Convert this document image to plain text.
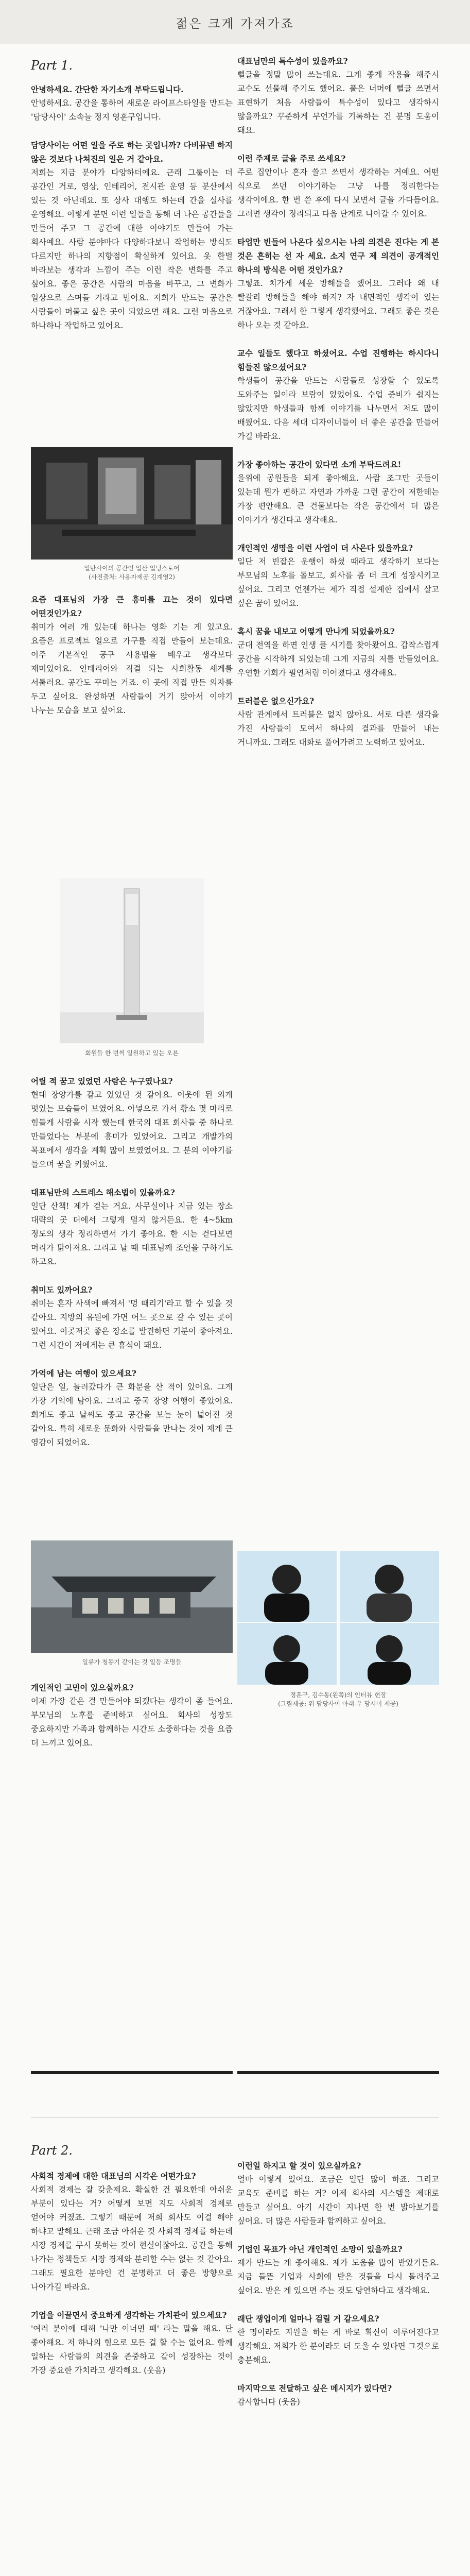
젊은 크게 가져가죠
Part 1.

안녕하세요. 간단한 자기소개 부탁드립니다.

안녕하세요. 공간을 통하여 새로운 라이프스타일을 만드는 '담당사이' 소속늘 정지 영훈구입니다.

담당사이는 어떤 일을 주로 하는 곳입니까? 다비뮤넨 하지 않은 것보다 나쳐진의 일은 거 같아요.

저희는 지금 분야가 다양하더에요. 근래 그룹이는 더 공간인 거로, 영상, 인테리어, 전시관 운영 등 분산에서 있든 것 아닌데요. 또 상사 대행도 하는데 간을 실사를 운영해요. 이렇게 분면 이런 일들을 통해 더 나은 공간들을 만들어 주고 그 공간에 대한 이야기도 만들어 가는 회사예요. 사람 분야마다 다양하다보니 작업하는 방식도 다르지만 하나의 지향점이 확실하게 있어요. 옷 한벌 바라보는 생각과 느낌이 주는 이런 작은 변화를 주고 싶어요. 좋은 공간은 사람의 마음을 바꾸고, 그 변화가 일상으로 스며들 거라고 믿어요. 저희가 만드는 공간은 사람들이 머물고 싶은 곳이 되었으면 해요. 그런 마음으로 하나하나 작업하고 있어요.

일단사이의 공간인 일산 일딩스토어
(사진출처: 사용자제공 김계영2)

요즘 대표님의 가장 큰 흥미를 끄는 것이 있다면 어떤것인가요?

취미가 여러 개 있는데 하나는 영화 기는 게 있고요. 요즘은 프로젝트 얼으로 가구를 직접 만들어 보는데요. 이주 기본적인 공구 사용법을 배우고 생각보다 재미있어요. 인테리어와 직결 되는 사회활동 세계를 서툴러요. 공간도 꾸미는 거죠. 이 곳에 직접 만든 의자를 두고 싶어요. 완성하면 사람들이 거기 앉아서 이야기 나누는 모습을 보고 싶어요.

회원들 한 번씩 일원하고 있는 오븐

어릴 적 꿈고 있었던 사람은 누구였나요?

현대 장양가를 같고 있었던 것 같아요. 이웃에 된 외게 멋있는 모습들이 보였어요. 아넣으로 가서 황소 몇 마리로 힘들게 사람을 시작 했는데 한국의 대표 회사들 중 하나로 만들었다는 부분에 흥미가 있었어요. 그리고 개발가의 목표에서 생각을 계획 많이 보였었어요. 그 분의 이야기를 들으며 꿈을 키웠어요.

대표님만의 스트레스 해소법이 있을까요?

일단 산책! 제가 걷는 거요. 사무실이나 지금 있는 장소 대략의 곳 더에서 그렇게 멀지 않거든요. 한 4~5km 정도의 생각 정리하면서 가기 좋아요. 한 시는 걷다보면 머리가 맑아져요. 그리고 날 때 대표님께 조언을 구하기도 하고요.

취미도 있까어요?

취미는 혼자 사색에 빠져서 '멍 때리기'라고 할 수 있을 것 같아요. 지방의 유원에 가면 어느 곳으로 갈 수 있는 곳이 있어요. 이곳저곳 좋은 장소를 발견하면 기분이 좋아져요. 그런 시간이 저에게는 큰 휴식이 돼요.

가억에 남는 여행이 있으세요?

일단은 일, 놀러갔다가 큰 화분을 산 적이 있어요. 그게 가장 기억에 남아요. 그리고 중국 장양 여행이 좋았어요. 회계도 좋고 날씨도 좋고 공간을 보는 눈이 넓어진 것 같아요. 특히 새로운 문화와 사람들을 만나는 것이 제게 큰 영감이 되었어요.

일류가 청동기 같이는 것 일등 조명들

개인적인 고민이 있으실까요?

이제 가장 같은 걸 만들어야 되겠다는 생각이 좀 들어요. 부모님의 노후를 준비하고 싶어요. 회사의 성장도 중요하지만 가족과 함께하는 시간도 소중하다는 것을 요즘 더 느끼고 있어요.

대표님만의 특수성이 있을까요?

뻘글을 정말 많이 쓰는데요. 그게 좋게 작용을 해주시 교수도 선물해 주기도 했어요. 풀은 너머에 뻘글 쓰면서 표현하기 처음 사람들이 특수성이 있다고 생각하시 않을까요? 꾸준하게 무언가를 기록하는 건 분명 도움이 돼요.

이런 주제로 글을 주로 쓰세요?

주로 집안이나 혼자 쓸고 쓰면서 생각하는 거예요. 어떤 식으로 쓰던 이야기하는 그냥 나를 정리한다는 생각이에요. 한 번 쓴 후에 다시 보면서 글을 가다듬어요. 그러면 생각이 정리되고 다음 단계로 나아갈 수 있어요.

타업만 빈들어 나온다 싶으시는 나의 의견은 진다는 게 본 것은 흔히는 선 자 세요. 소지 연구 제 의견이 공개적인 하나의 방식은 어떤 것인가요?

그렇죠. 치가게 세운 방해들을 했어요. 그러다 왜 내 빨갈리 방해들을 해야 하지? 자 내면적인 생각이 있는 거잖아요. 그래서 한 그렇게 생각했어요. 그래도 좋은 것은 하나 오는 것 같아요.

교수 일들도 했다고 하셨어요. 수업 진행하는 하시다니 힘들진 않으셨어요?

학생들이 공간을 만드는 사람들로 성장할 수 있도록 도와주는 일이라 보람이 있었어요. 수업 준비가 쉽지는 않았지만 학생들과 함께 이야기를 나누면서 저도 많이 배웠어요. 다음 세대 디자이너들이 더 좋은 공간을 만들어 가길 바라요.

가장 좋아하는 공간이 있다면 소개 부탁드려요!

을위에 공원들을 되게 좋아해요. 사람 조그만 곳들이 있는데 뭔가 편하고 자연과 가까운 그런 공간이 저한테는 가장 편안해요. 큰 건물보다는 작은 공간에서 더 많은 이야기가 생긴다고 생각해요.

개인적인 생명을 이런 사업이 더 사은다 있을까요?

일단 저 빈잡은 운행이 하셨 때라고 생각하기 보다는 부모님의 노후를 돌보고, 회사를 좀 더 크게 성장시키고 싶어요. 그리고 언젠가는 제가 직접 설계한 집에서 살고 싶은 꿈이 있어요.

혹시 꿈을 내보고 어떻게 만나게 되었을까요?

군대 전역을 하면 인생 플 시기를 찾아왔어요. 갑작스럽게 공간을 시작하게 되었는데 그게 지금의 저를 만들었어요. 우연한 기회가 필연처럼 이어졌다고 생각해요.

트러블은 없으신가요?

사람 관계에서 트러블은 없지 않아요. 서로 다른 생각을 가진 사람들이 모여서 하나의 결과를 만들어 내는 거니까요. 그래도 대화로 풀어가려고 노력하고 있어요.

정훈구, 김수동(왼쪽)의 인터뷰 현장
(그림제공: 위-담당사이 아래-우 당시이 제공)
Part 2.

사회적 경제에 대한 대표님의 시각은 어떤가요?

사회적 경제는 잘 갖춘제요. 확실한 건 필요한데 아쉬운 부분이 있다는 거? 어떻게 보면 지도 사회적 경제로 얻어야 커졌죠. 그렇기 때문에 저희 회사도 이걸 해야 하냐고 말해요. 근래 조금 아쉬운 것 사회적 경제를 하는데 시장 경제를 무시 못하는 것이 현실이잖아요. 공간을 통해 나가는 정책들도 시장 경제와 분리할 수는 없는 것 같아요. 그래도 필요한 분야인 건 분명하고 더 좋은 방향으로 나아가길 바라요.

기업을 이끌면서 중요하게 생각하는 가치관이 있으세요?

'여러 분야에 대해 '나만 이너먼 패' 라는 말을 해요. 단 좋아해요. 저 하나의 힘으로 모든 걸 할 수는 없어요. 함께 일하는 사람들의 의견을 존중하고 같이 성장하는 것이 가장 중요한 가치라고 생각해요. (웃음)

이런일 하지고 할 것이 있으실까요?

얼마 이렇게 있어요. 조금은 일단 많이 하죠. 그리고 교육도 준비를 하는 거? 이제 회사의 시스템을 제대로 만들고 싶어요. 아기 시간이 지나면 한 번 밟아보기를 싶어요. 더 많은 사람들과 함께하고 싶어요.

기업인 목표가 아닌 개인적인 소망이 있을까요?

제가 만드는 게 좋아해요. 제가 도움을 많이 받았거든요. 지금 들뜬 기업과 사회에 받은 것들을 다시 돌려주고 싶어요. 받은 게 있으면 주는 것도 당연하다고 생각해요.

래단 쟁업이게 얼마나 걸릴 거 같으세요?

한 명이라도 지원을 하는 게 바로 확산이 이루어진다고 생각해요. 저희가 한 분이라도 더 도울 수 있다면 그것으로 충분해요.

마지막으로 전달하고 싶은 메시지가 있다면?

감사합니다 (웃음)
